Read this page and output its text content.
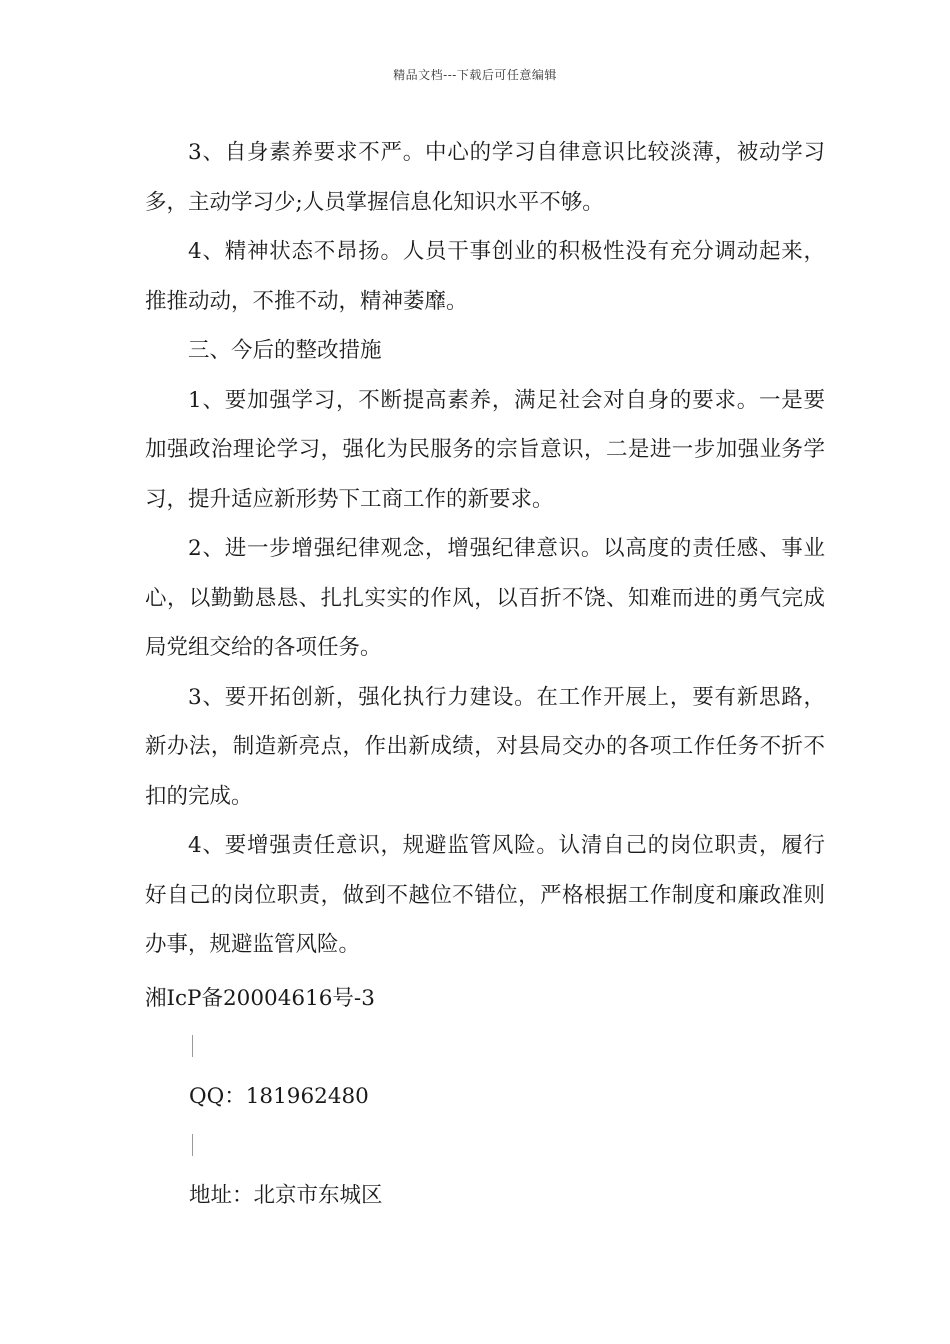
精品文档---下载后可任意编辑

3、自身素养要求不严。中心的学习自律意识比较淡薄，被动学习多，主动学习少;人员掌握信息化知识水平不够。

4、精神状态不昂扬。人员干事创业的积极性没有充分调动起来，推推动动，不推不动，精神萎靡。

三、今后的整改措施

1、要加强学习，不断提高素养，满足社会对自身的要求。一是要加强政治理论学习，强化为民服务的宗旨意识，二是进一步加强业务学习，提升适应新形势下工商工作的新要求。

2、进一步增强纪律观念，增强纪律意识。以高度的责任感、事业心，以勤勤恳恳、扎扎实实的作风，以百折不饶、知难而进的勇气完成局党组交给的各项任务。

3、要开拓创新，强化执行力建设。在工作开展上，要有新思路，新办法，制造新亮点，作出新成绩，对县局交办的各项工作任务不折不扣的完成。

4、要增强责任意识，规避监管风险。认清自己的岗位职责，履行好自己的岗位职责，做到不越位不错位，严格根据工作制度和廉政准则办事，规避监管风险。

湘IcP备20004616号-3
QQ：181962480
地址：北京市东城区
